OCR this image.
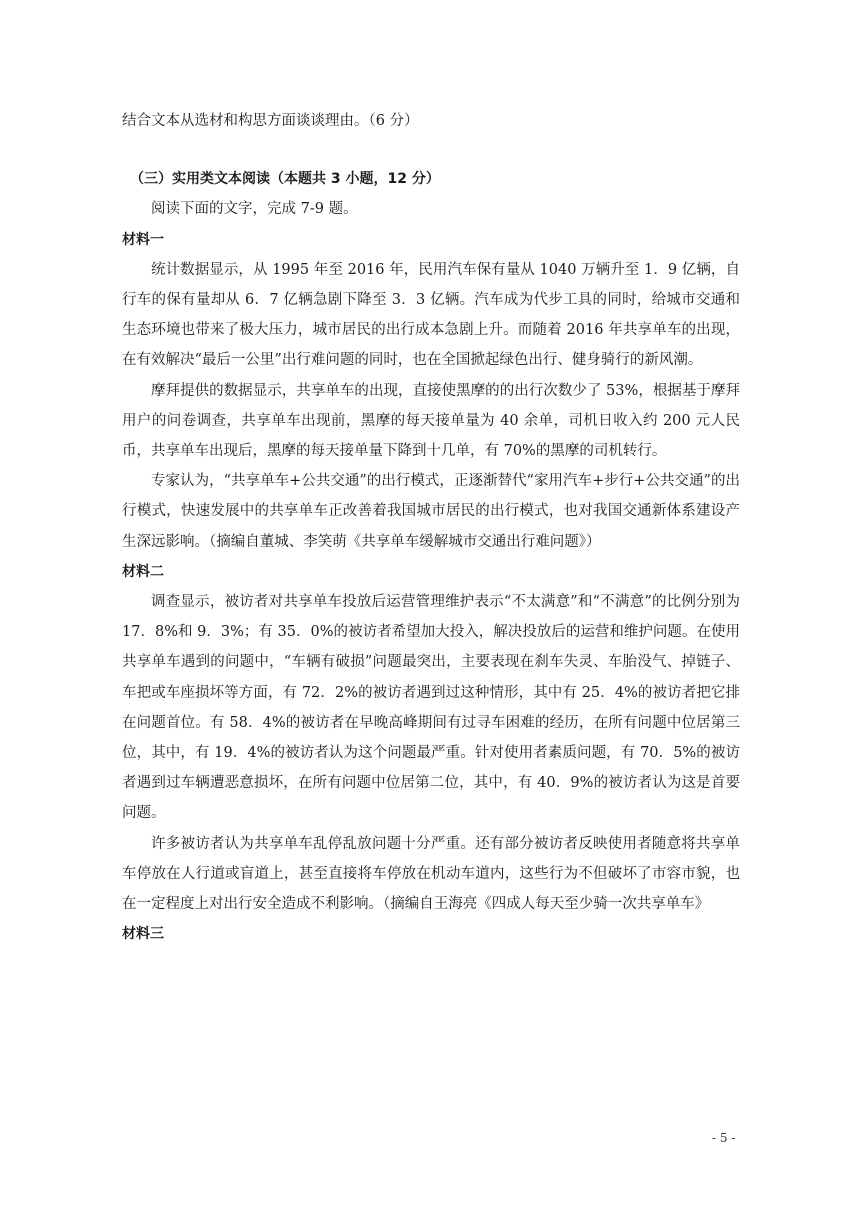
结合文本从选材和构思方面谈谈理由。（6 分）

（三）实用类文本阅读（本题共 3 小题，12 分）

阅读下面的文字，完成 7-9 题。

材料一

统计数据显示，从 1995 年至 2016 年，民用汽车保有量从 1040 万辆升至 1．9 亿辆，自行车的保有量却从 6．7 亿辆急剧下降至 3．3 亿辆。汽车成为代步工具的同时，给城市交通和生态环境也带来了极大压力，城市居民的出行成本急剧上升。而随着 2016 年共享单车的出现，在有效解决“最后一公里”出行难问题的同时，也在全国掀起绿色出行、健身骑行的新风潮。

摩拜提供的数据显示，共享单车的出现，直接使黑摩的的出行次数少了 53%，根据基于摩拜用户的问卷调查，共享单车出现前，黑摩的每天接单量为 40 余单，司机日收入约 200 元人民币，共享单车出现后，黑摩的每天接单量下降到十几单，有 70%的黑摩的司机转行。

专家认为，“共享单车+公共交通”的出行模式，正逐渐替代“家用汽车+步行+公共交通”的出行模式，快速发展中的共享单车正改善着我国城市居民的出行模式，也对我国交通新体系建设产生深远影响。（摘编自董城、李笑萌《共享单车缓解城市交通出行难问题》）

材料二

调查显示，被访者对共享单车投放后运营管理维护表示“不太满意”和“不满意”的比例分别为 17．8%和 9．3%；有 35．0%的被访者希望加大投入，解决投放后的运营和维护问题。在使用共享单车遇到的问题中，“车辆有破损”问题最突出，主要表现在刹车失灵、车胎没气、掉链子、车把或车座损坏等方面，有 72．2%的被访者遇到过这种情形，其中有 25．4%的被访者把它排在问题首位。有 58．4%的被访者在早晚高峰期间有过寻车困难的经历，在所有问题中位居第三位，其中，有 19．4%的被访者认为这个问题最严重。针对使用者素质问题，有 70．5%的被访者遇到过车辆遭恶意损坏，在所有问题中位居第二位，其中，有 40．9%的被访者认为这是首要问题。

许多被访者认为共享单车乱停乱放问题十分严重。还有部分被访者反映使用者随意将共享单车停放在人行道或盲道上，甚至直接将车停放在机动车道内，这些行为不但破坏了市容市貌，也在一定程度上对出行安全造成不利影响。（摘编自王海亮《四成人每天至少骑一次共享单车》

材料三

- 5 -
